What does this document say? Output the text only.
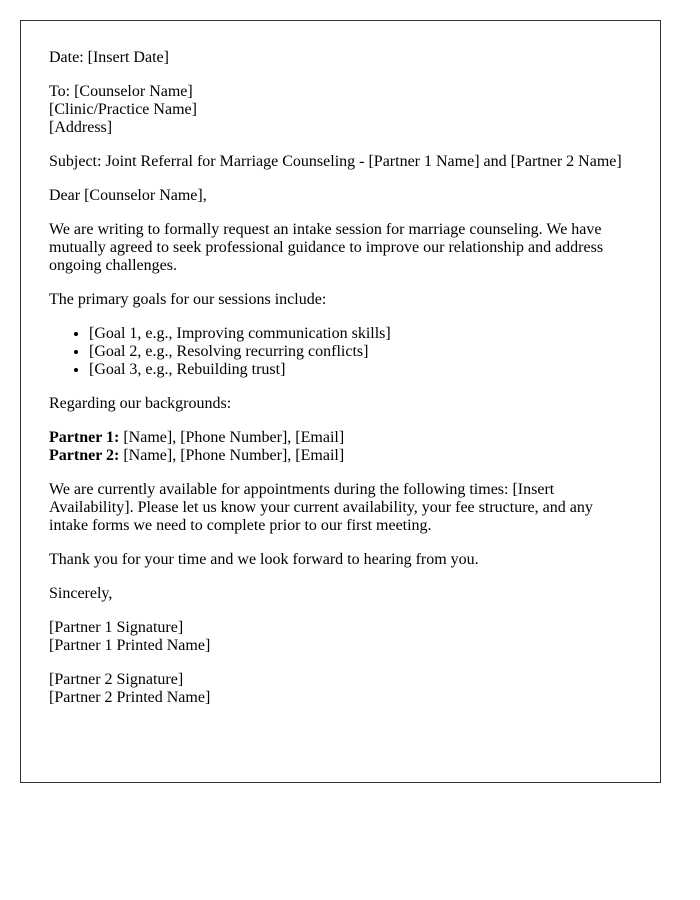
Date: [Insert Date]

To: [Counselor Name]
[Clinic/Practice Name]
[Address]

Subject: Joint Referral for Marriage Counseling - [Partner 1 Name] and [Partner 2 Name]

Dear [Counselor Name],

We are writing to formally request an intake session for marriage counseling. We have mutually agreed to seek professional guidance to improve our relationship and address ongoing challenges.

The primary goals for our sessions include:

• [Goal 1, e.g., Improving communication skills]
• [Goal 2, e.g., Resolving recurring conflicts]
• [Goal 3, e.g., Rebuilding trust]

Regarding our backgrounds:

Partner 1: [Name], [Phone Number], [Email]
Partner 2: [Name], [Phone Number], [Email]

We are currently available for appointments during the following times: [Insert Availability]. Please let us know your current availability, your fee structure, and any intake forms we need to complete prior to our first meeting.

Thank you for your time and we look forward to hearing from you.

Sincerely,

[Partner 1 Signature]
[Partner 1 Printed Name]

[Partner 2 Signature]
[Partner 2 Printed Name]
